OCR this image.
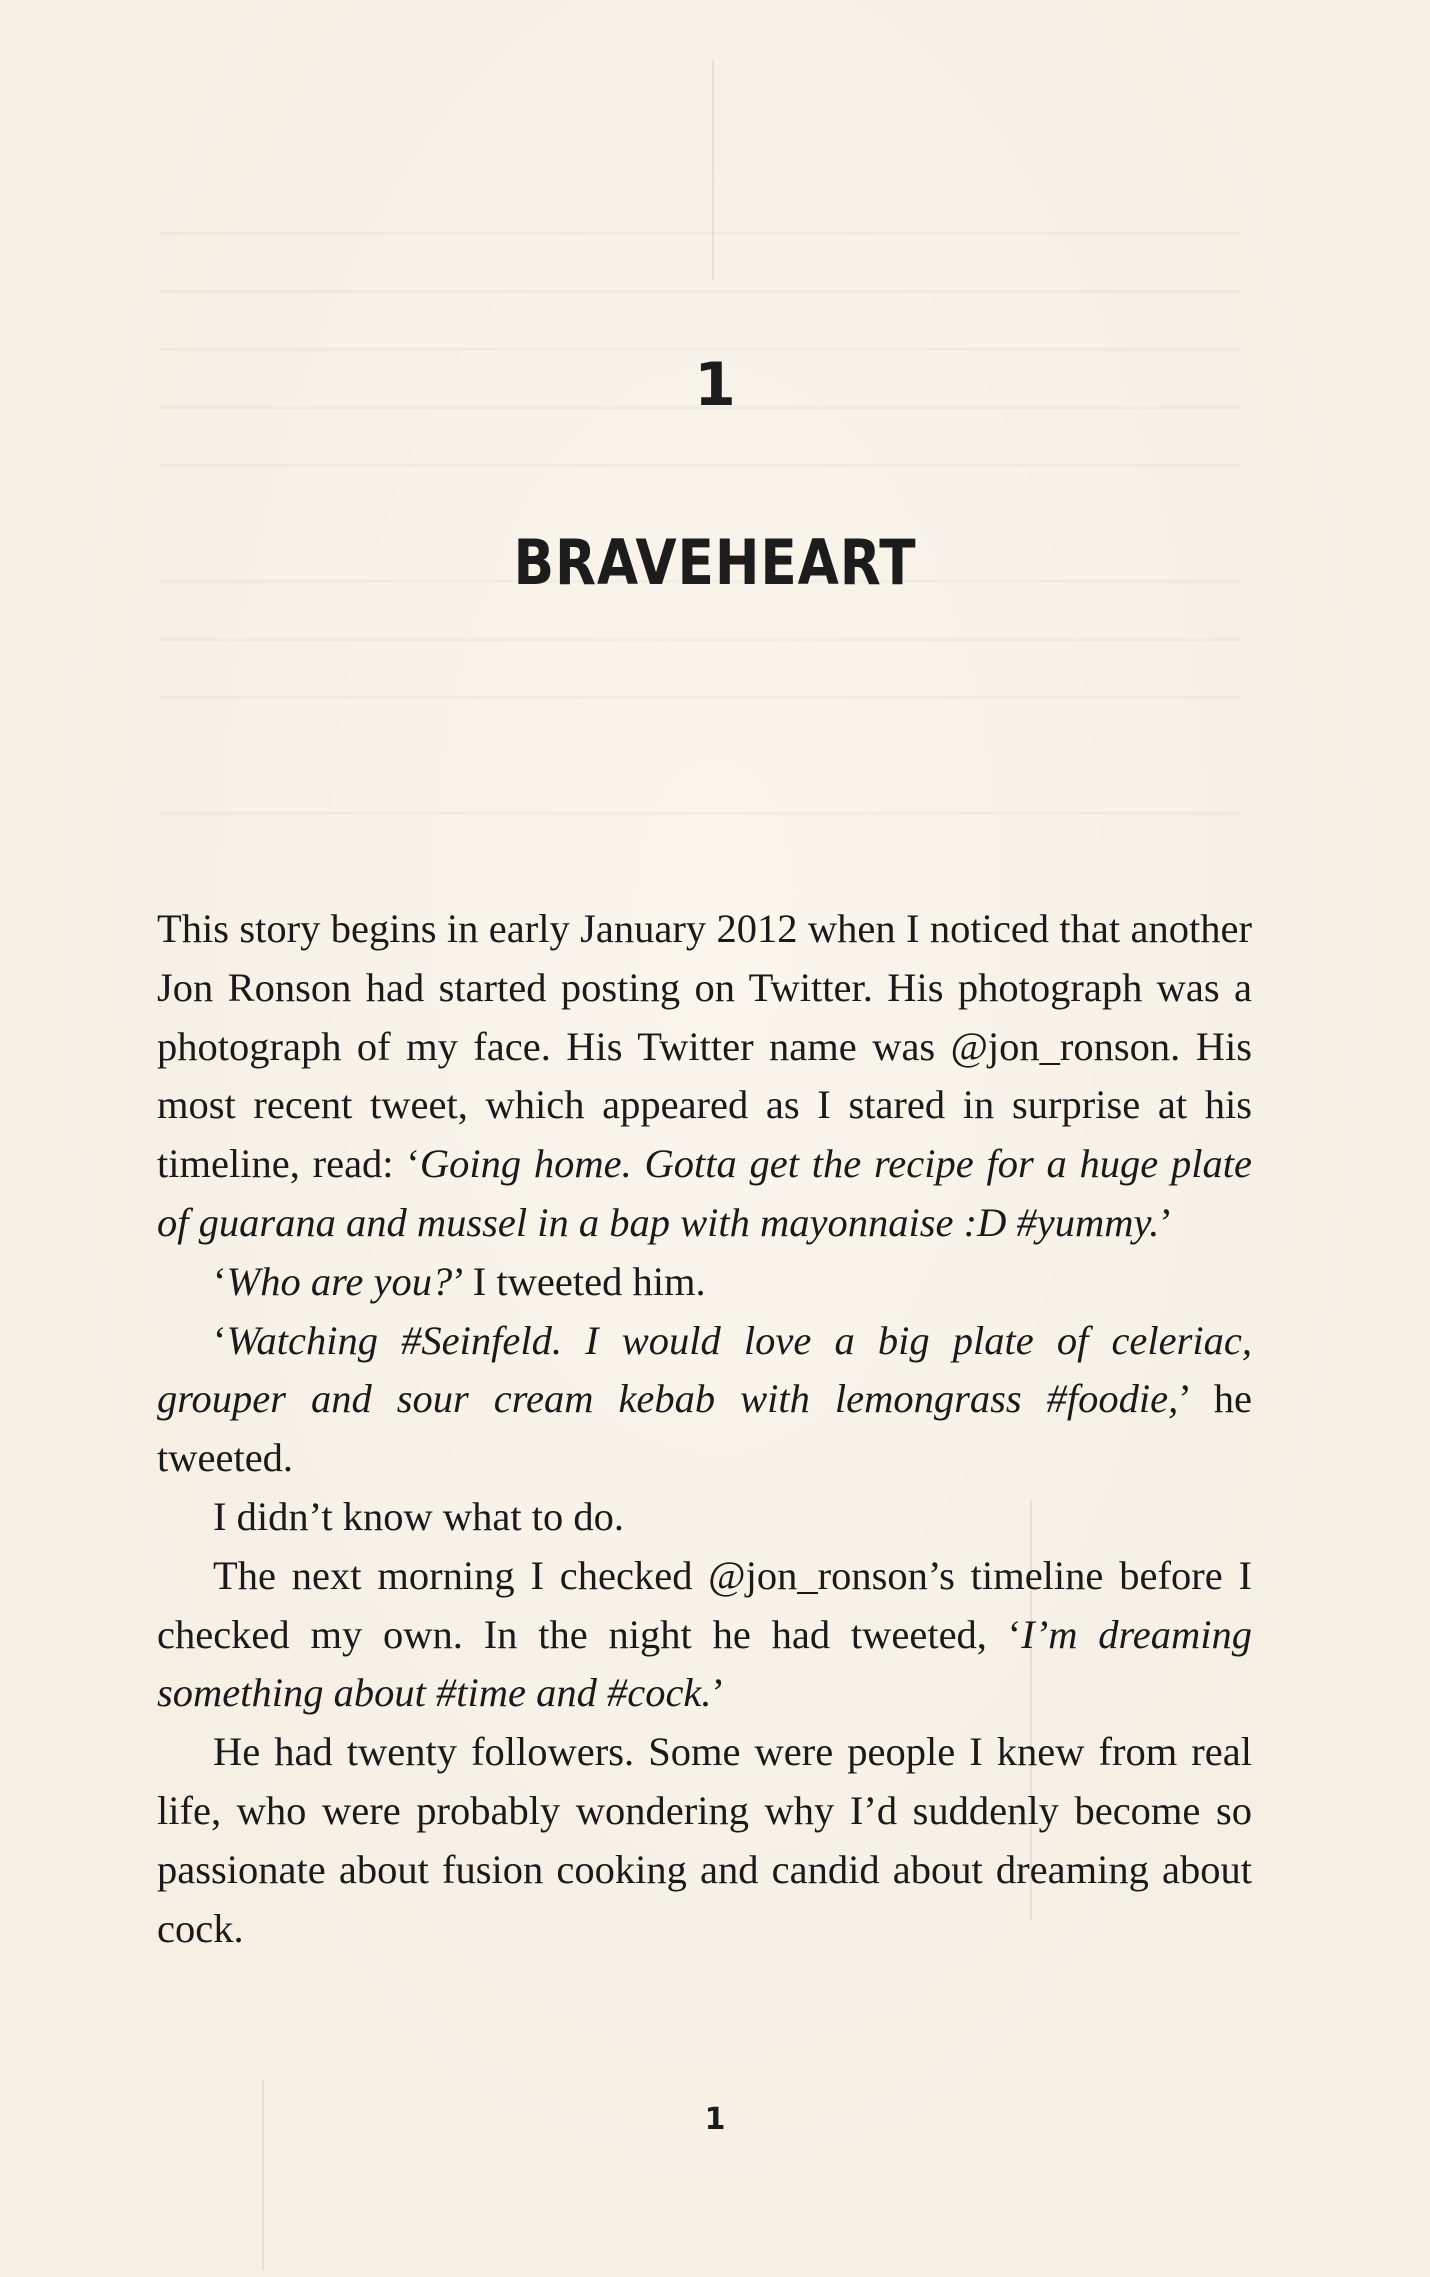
1
BRAVEHEART

This story begins in early January 2012 when I noticed that another Jon Ronson had started posting on Twitter. His photograph was a photograph of my face. His Twitter name was @jon_ronson. His most recent tweet, which appeared as I stared in surprise at his timeline, read: ‘Going home. Gotta get the recipe for a huge plate of guarana and mussel in a bap with mayonnaise :D #yummy.’

‘Who are you?’ I tweeted him.

‘Watching #Seinfeld. I would love a big plate of celeriac, grouper and sour cream kebab with lemongrass #foodie,’ he tweeted.

I didn’t know what to do.

The next morning I checked @jon_ronson’s timeline before I checked my own. In the night he had tweeted, ‘I’m dreaming something about #time and #cock.’

He had twenty followers. Some were people I knew from real life, who were probably wondering why I’d suddenly become so passionate about fusion cooking and candid about dreaming about cock.

1
